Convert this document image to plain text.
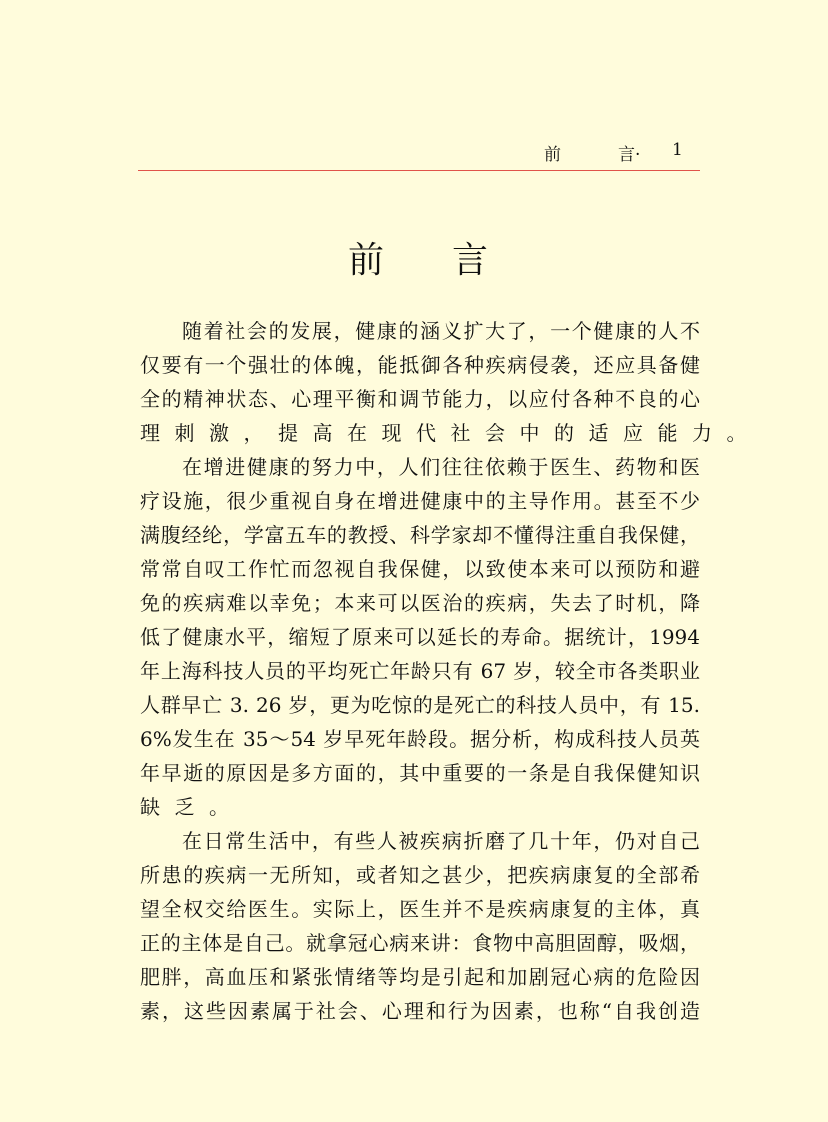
前	言· 1
前 言
随着社会的发展，健康的涵义扩大了，一个健康的人不
仅要有一个强壮的体魄，能抵御各种疾病侵袭，还应具备健
全的精神状态、心理平衡和调节能力，以应付各种不良的心
理刺激，提高在现代社会中的适应能力。
在增进健康的努力中，人们往往依赖于医生、药物和医
疗设施，很少重视自身在增进健康中的主导作用。甚至不少
满腹经纶，学富五车的教授、科学家却不懂得注重自我保健，
常常自叹工作忙而忽视自我保健，以致使本来可以预防和避
免的疾病难以幸免；本来可以医治的疾病，失去了时机，降
低了健康水平，缩短了原来可以延长的寿命。据统计，1994
年上海科技人员的平均死亡年龄只有 67 岁，较全市各类职业
人群早亡 3. 26 岁，更为吃惊的是死亡的科技人员中，有 15.
6%发生在 35～54 岁早死年龄段。据分析，构成科技人员英
年早逝的原因是多方面的，其中重要的一条是自我保健知识
缺乏。
在日常生活中，有些人被疾病折磨了几十年，仍对自己
所患的疾病一无所知，或者知之甚少，把疾病康复的全部希
望全权交给医生。实际上，医生并不是疾病康复的主体，真
正的主体是自己。就拿冠心病来讲：食物中高胆固醇，吸烟，
肥胖，高血压和紧张情绪等均是引起和加剧冠心病的危险因
素，这些因素属于社会、心理和行为因素，也称“自我创造
